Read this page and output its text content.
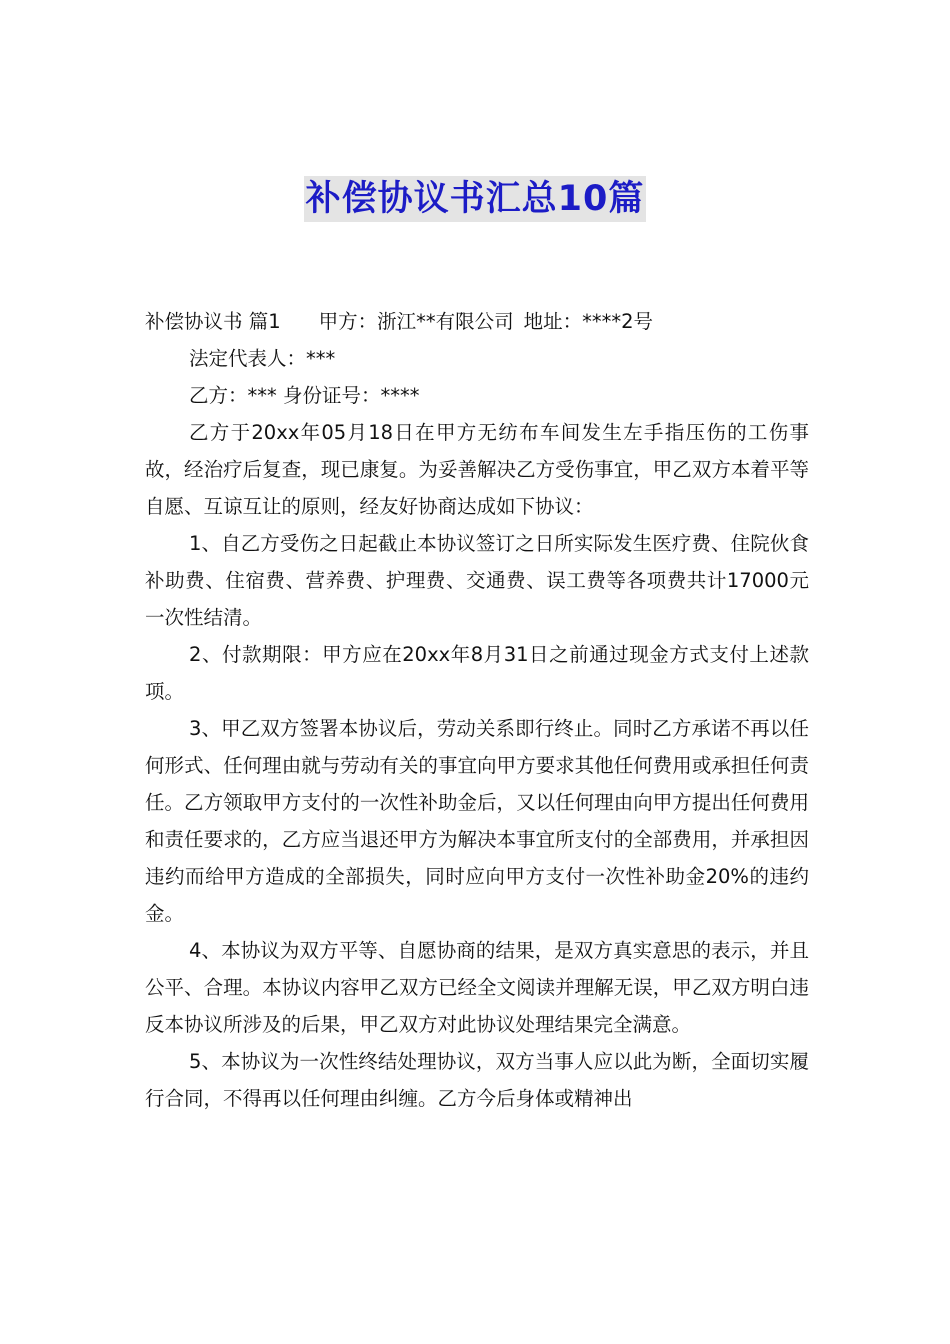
补偿协议书汇总10篇
补偿协议书 篇1 甲方：浙江**有限公司 地址：****2号
法定代表人：***
乙方：*** 身份证号：****
乙方于20xx年05月18日在甲方无纺布车间发生左手指压伤的工伤事故，经治疗后复查，现已康复。为妥善解决乙方受伤事宜，甲乙双方本着平等自愿、互谅互让的原则，经友好协商达成如下协议：
1、自乙方受伤之日起截止本协议签订之日所实际发生医疗费、住院伙食补助费、住宿费、营养费、护理费、交通费、误工费等各项费共计17000元一次性结清。
2、付款期限：甲方应在20xx年8月31日之前通过现金方式支付上述款项。
3、甲乙双方签署本协议后，劳动关系即行终止。同时乙方承诺不再以任何形式、任何理由就与劳动有关的事宜向甲方要求其他任何费用或承担任何责任。乙方领取甲方支付的一次性补助金后，又以任何理由向甲方提出任何费用和责任要求的，乙方应当退还甲方为解决本事宜所支付的全部费用，并承担因违约而给甲方造成的全部损失，同时应向甲方支付一次性补助金20%的违约金。
4、本协议为双方平等、自愿协商的结果，是双方真实意思的表示，并且公平、合理。本协议内容甲乙双方已经全文阅读并理解无误，甲乙双方明白违反本协议所涉及的后果，甲乙双方对此协议处理结果完全满意。
5、本协议为一次性终结处理协议，双方当事人应以此为断，全面切实履行合同，不得再以任何理由纠缠。乙方今后身体或精神出
